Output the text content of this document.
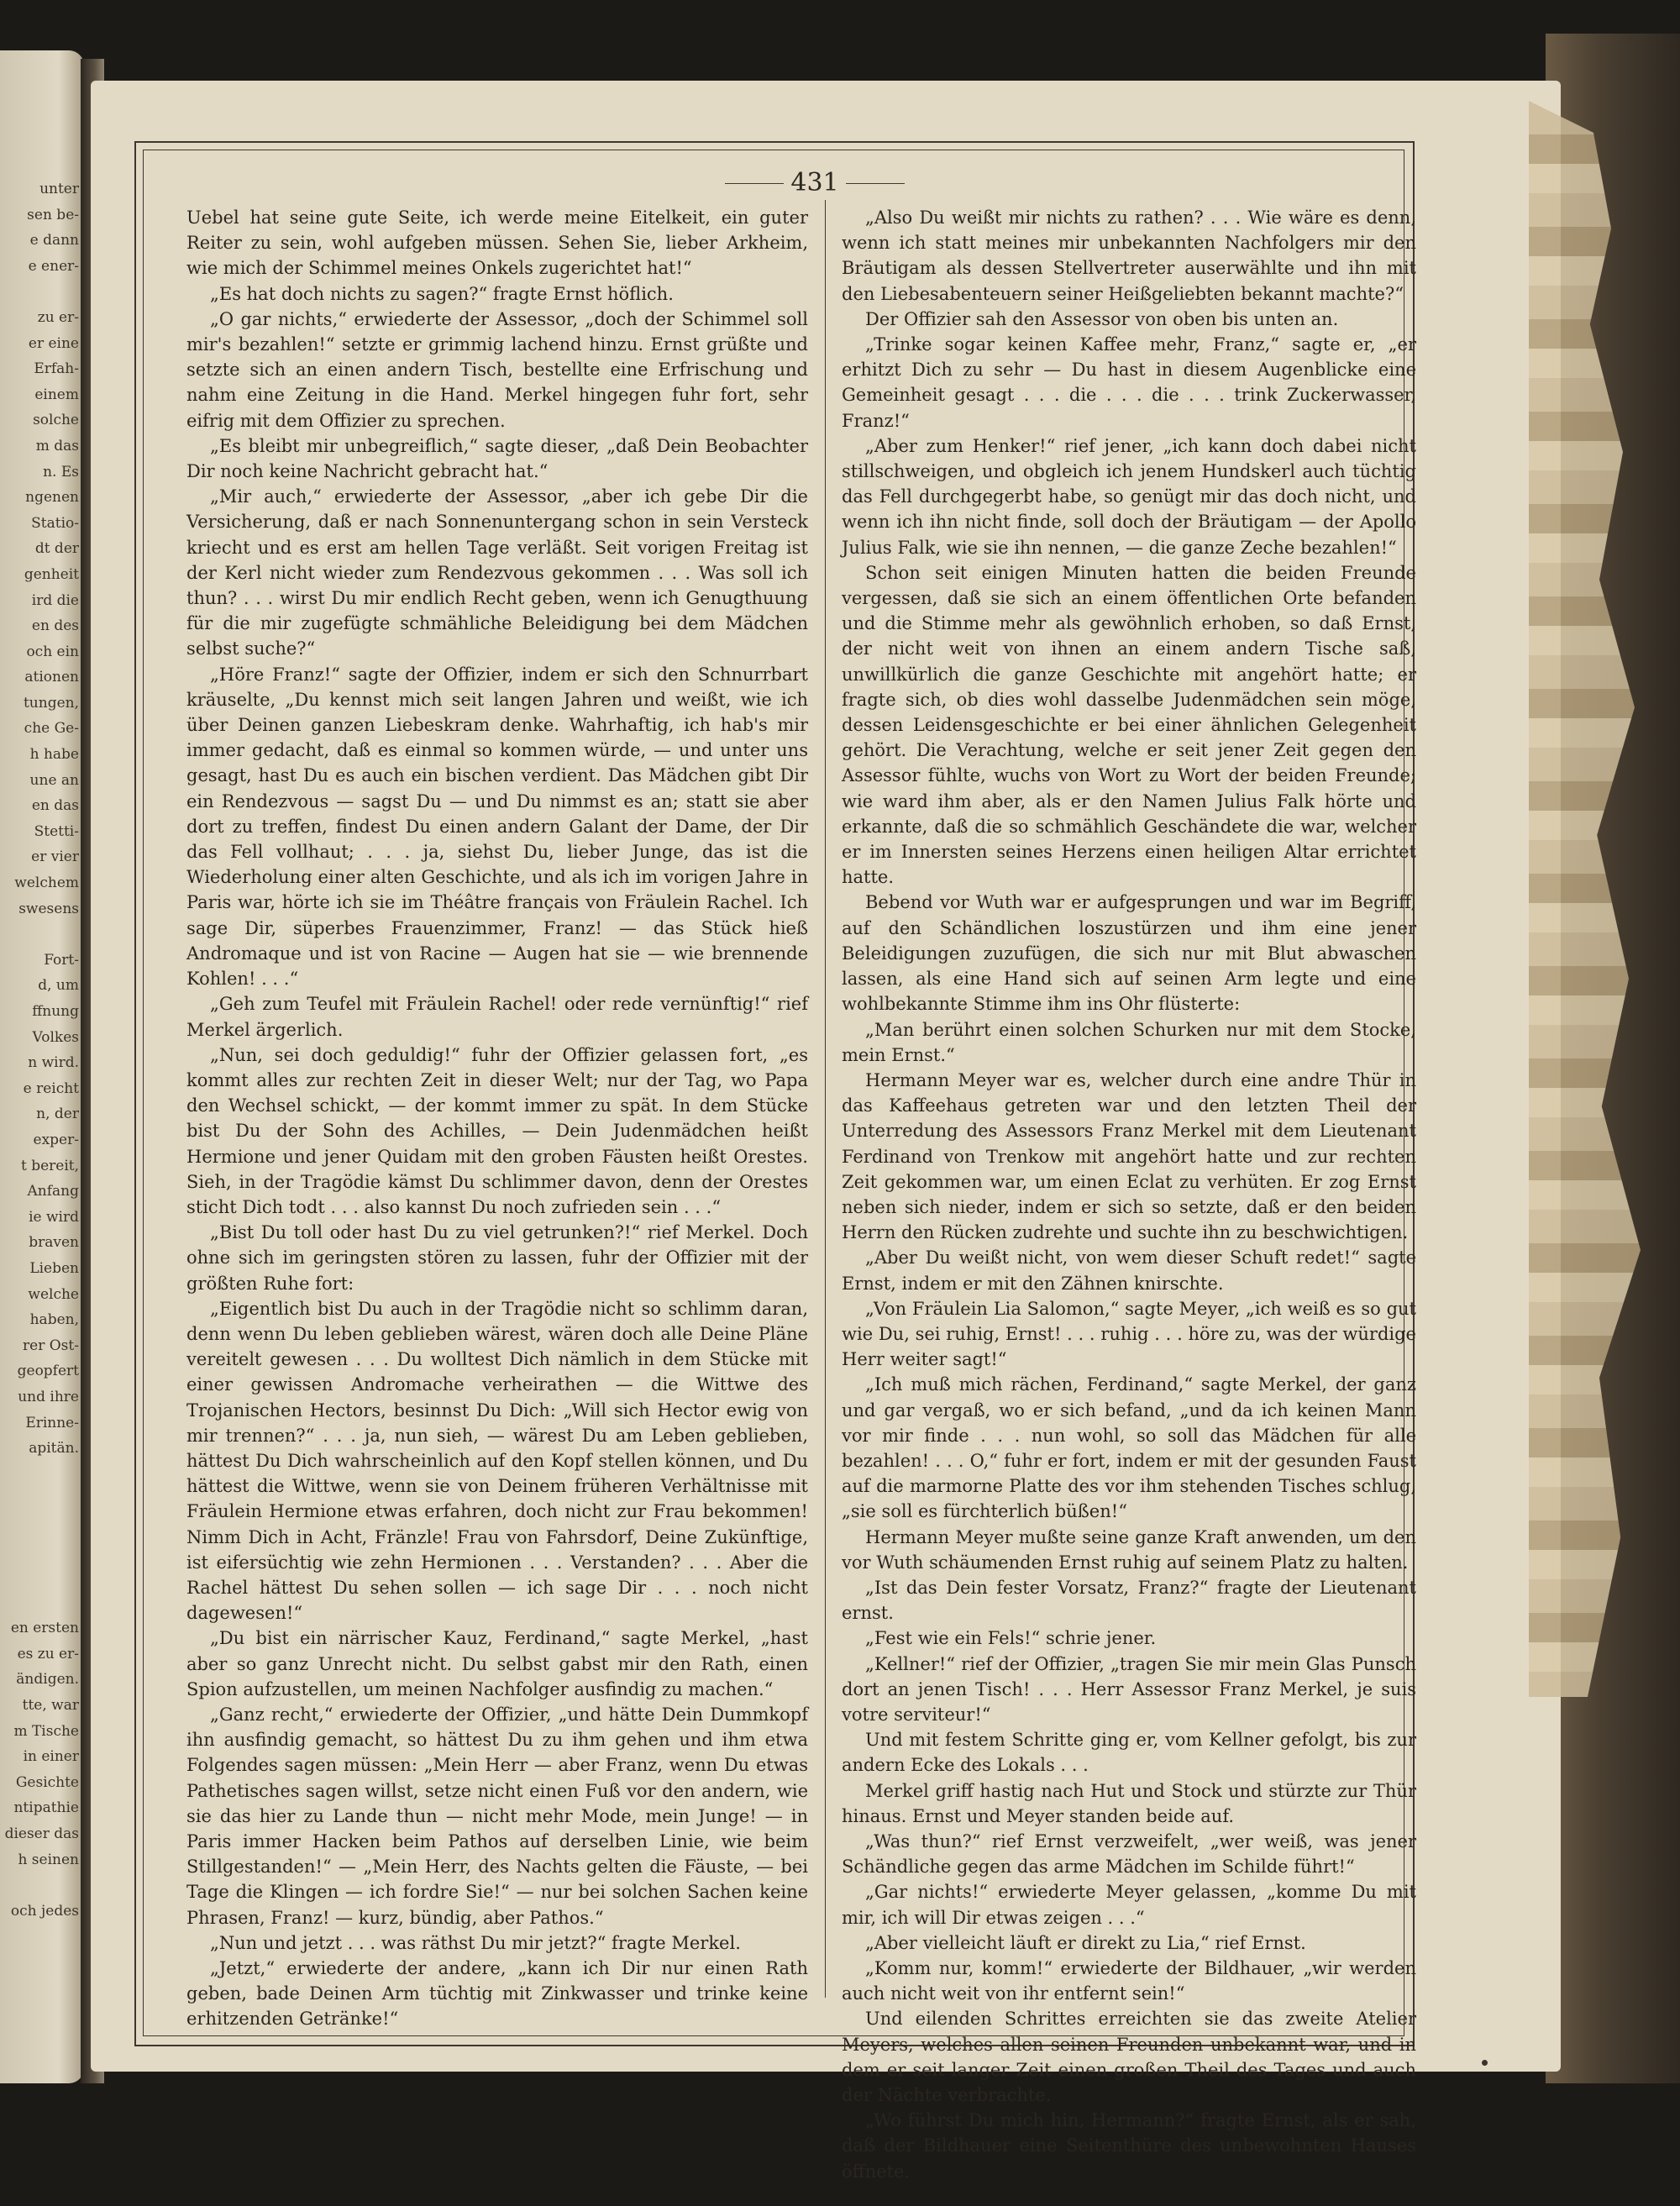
unter
sen be-
e dann
e ener-
zu er-
er eine
Erfah-
einem
solche
m das
n. Es
ngenen
Statio-
dt der
genheit
ird die
en des
och ein
ationen
tungen,
che Ge-
h habe
une an
en das
Stetti-
er vier
welchem
swesens
Fort-
d, um
ffnung
Volkes
n wird.
e reicht
n, der
exper-
t bereit,
Anfang
ie wird
braven
Lieben
welche
haben,
rer Ost-
geopfert
und ihre
Erinne-
apitän.
en ersten
es zu er-
ändigen.
tte, war
m Tische
in einer
Gesichte
ntipathie
dieser das
h seinen
och jedes
431

Uebel hat seine gute Seite, ich werde meine Eitelkeit, ein guter Reiter zu sein, wohl aufgeben müssen. Sehen Sie, lieber Arkheim, wie mich der Schimmel meines Onkels zugerichtet hat!“

„Es hat doch nichts zu sagen?“ fragte Ernst höflich.

„O gar nichts,“ erwiederte der Assessor, „doch der Schimmel soll mir's bezahlen!“ setzte er grimmig lachend hinzu. Ernst grüßte und setzte sich an einen andern Tisch, bestellte eine Erfrischung und nahm eine Zeitung in die Hand. Merkel hingegen fuhr fort, sehr eifrig mit dem Offizier zu sprechen.

„Es bleibt mir unbegreiflich,“ sagte dieser, „daß Dein Beobachter Dir noch keine Nachricht gebracht hat.“

„Mir auch,“ erwiederte der Assessor, „aber ich gebe Dir die Versicherung, daß er nach Sonnenuntergang schon in sein Versteck kriecht und es erst am hellen Tage verläßt. Seit vorigen Freitag ist der Kerl nicht wieder zum Rendezvous gekommen . . . Was soll ich thun? . . . wirst Du mir endlich Recht geben, wenn ich Genugthuung für die mir zugefügte schmähliche Beleidigung bei dem Mädchen selbst suche?“

„Höre Franz!“ sagte der Offizier, indem er sich den Schnurrbart kräuselte, „Du kennst mich seit langen Jahren und weißt, wie ich über Deinen ganzen Liebeskram denke. Wahrhaftig, ich hab's mir immer gedacht, daß es einmal so kommen würde, — und unter uns gesagt, hast Du es auch ein bischen verdient. Das Mädchen gibt Dir ein Rendezvous — sagst Du — und Du nimmst es an; statt sie aber dort zu treffen, findest Du einen andern Galant der Dame, der Dir das Fell vollhaut; . . . ja, siehst Du, lieber Junge, das ist die Wiederholung einer alten Geschichte, und als ich im vorigen Jahre in Paris war, hörte ich sie im Théâtre français von Fräulein Rachel. Ich sage Dir, süperbes Frauenzimmer, Franz! — das Stück hieß Andromaque und ist von Racine — Augen hat sie — wie brennende Kohlen! . . .“

„Geh zum Teufel mit Fräulein Rachel! oder rede vernünftig!“ rief Merkel ärgerlich.

„Nun, sei doch geduldig!“ fuhr der Offizier gelassen fort, „es kommt alles zur rechten Zeit in dieser Welt; nur der Tag, wo Papa den Wechsel schickt, — der kommt immer zu spät. In dem Stücke bist Du der Sohn des Achilles, — Dein Judenmädchen heißt Hermione und jener Quidam mit den groben Fäusten heißt Orestes. Sieh, in der Tragödie kämst Du schlimmer davon, denn der Orestes sticht Dich todt . . . also kannst Du noch zufrieden sein . . .“

„Bist Du toll oder hast Du zu viel getrunken?!“ rief Merkel. Doch ohne sich im geringsten stören zu lassen, fuhr der Offizier mit der größten Ruhe fort:

„Eigentlich bist Du auch in der Tragödie nicht so schlimm daran, denn wenn Du leben geblieben wärest, wären doch alle Deine Pläne vereitelt gewesen . . . Du wolltest Dich nämlich in dem Stücke mit einer gewissen Andromache verheirathen — die Wittwe des Trojanischen Hectors, besinnst Du Dich: „Will sich Hector ewig von mir trennen?“ . . . ja, nun sieh, — wärest Du am Leben geblieben, hättest Du Dich wahrscheinlich auf den Kopf stellen können, und Du hättest die Wittwe, wenn sie von Deinem früheren Verhältnisse mit Fräulein Hermione etwas erfahren, doch nicht zur Frau bekommen! Nimm Dich in Acht, Fränzle! Frau von Fahrsdorf, Deine Zukünftige, ist eifersüchtig wie zehn Hermionen . . . Verstanden? . . . Aber die Rachel hättest Du sehen sollen — ich sage Dir . . . noch nicht dagewesen!“

„Du bist ein närrischer Kauz, Ferdinand,“ sagte Merkel, „hast aber so ganz Unrecht nicht. Du selbst gabst mir den Rath, einen Spion aufzustellen, um meinen Nachfolger ausfindig zu machen.“

„Ganz recht,“ erwiederte der Offizier, „und hätte Dein Dummkopf ihn ausfindig gemacht, so hättest Du zu ihm gehen und ihm etwa Folgendes sagen müssen: „Mein Herr — aber Franz, wenn Du etwas Pathetisches sagen willst, setze nicht einen Fuß vor den andern, wie sie das hier zu Lande thun — nicht mehr Mode, mein Junge! — in Paris immer Hacken beim Pathos auf derselben Linie, wie beim Stillgestanden!“ — „Mein Herr, des Nachts gelten die Fäuste, — bei Tage die Klingen — ich fordre Sie!“ — nur bei solchen Sachen keine Phrasen, Franz! — kurz, bündig, aber Pathos.“

„Nun und jetzt . . . was räthst Du mir jetzt?“ fragte Merkel.

„Jetzt,“ erwiederte der andere, „kann ich Dir nur einen Rath geben, bade Deinen Arm tüchtig mit Zinkwasser und trinke keine erhitzenden Getränke!“

„Also Du weißt mir nichts zu rathen? . . . Wie wäre es denn, wenn ich statt meines mir unbekannten Nachfolgers mir den Bräutigam als dessen Stellvertreter auserwählte und ihn mit den Liebesabenteuern seiner Heißgeliebten bekannt machte?“

Der Offizier sah den Assessor von oben bis unten an.

„Trinke sogar keinen Kaffee mehr, Franz,“ sagte er, „er erhitzt Dich zu sehr — Du hast in diesem Augenblicke eine Gemeinheit gesagt . . . die . . . die . . . trink Zuckerwasser, Franz!“

„Aber zum Henker!“ rief jener, „ich kann doch dabei nicht stillschweigen, und obgleich ich jenem Hundskerl auch tüchtig das Fell durchgegerbt habe, so genügt mir das doch nicht, und wenn ich ihn nicht finde, soll doch der Bräutigam — der Apollo Julius Falk, wie sie ihn nennen, — die ganze Zeche bezahlen!“

Schon seit einigen Minuten hatten die beiden Freunde vergessen, daß sie sich an einem öffentlichen Orte befanden und die Stimme mehr als gewöhnlich erhoben, so daß Ernst, der nicht weit von ihnen an einem andern Tische saß, unwillkürlich die ganze Geschichte mit angehört hatte; er fragte sich, ob dies wohl dasselbe Judenmädchen sein möge, dessen Leidensgeschichte er bei einer ähnlichen Gelegenheit gehört. Die Verachtung, welche er seit jener Zeit gegen den Assessor fühlte, wuchs von Wort zu Wort der beiden Freunde; wie ward ihm aber, als er den Namen Julius Falk hörte und erkannte, daß die so schmählich Geschändete die war, welcher er im Innersten seines Herzens einen heiligen Altar errichtet hatte.

Bebend vor Wuth war er aufgesprungen und war im Begriff, auf den Schändlichen loszustürzen und ihm eine jener Beleidigungen zuzufügen, die sich nur mit Blut abwaschen lassen, als eine Hand sich auf seinen Arm legte und eine wohlbekannte Stimme ihm ins Ohr flüsterte:

„Man berührt einen solchen Schurken nur mit dem Stocke, mein Ernst.“

Hermann Meyer war es, welcher durch eine andre Thür in das Kaffeehaus getreten war und den letzten Theil der Unterredung des Assessors Franz Merkel mit dem Lieutenant Ferdinand von Trenkow mit angehört hatte und zur rechten Zeit gekommen war, um einen Eclat zu verhüten. Er zog Ernst neben sich nieder, indem er sich so setzte, daß er den beiden Herrn den Rücken zudrehte und suchte ihn zu beschwichtigen.

„Aber Du weißt nicht, von wem dieser Schuft redet!“ sagte Ernst, indem er mit den Zähnen knirschte.

„Von Fräulein Lia Salomon,“ sagte Meyer, „ich weiß es so gut wie Du, sei ruhig, Ernst! . . . ruhig . . . höre zu, was der würdige Herr weiter sagt!“

„Ich muß mich rächen, Ferdinand,“ sagte Merkel, der ganz und gar vergaß, wo er sich befand, „und da ich keinen Mann vor mir finde . . . nun wohl, so soll das Mädchen für alle bezahlen! . . . O,“ fuhr er fort, indem er mit der gesunden Faust auf die marmorne Platte des vor ihm stehenden Tisches schlug, „sie soll es fürchterlich büßen!“

Hermann Meyer mußte seine ganze Kraft anwenden, um den vor Wuth schäumenden Ernst ruhig auf seinem Platz zu halten.

„Ist das Dein fester Vorsatz, Franz?“ fragte der Lieutenant ernst.

„Fest wie ein Fels!“ schrie jener.

„Kellner!“ rief der Offizier, „tragen Sie mir mein Glas Punsch dort an jenen Tisch! . . . Herr Assessor Franz Merkel, je suis votre serviteur!“

Und mit festem Schritte ging er, vom Kellner gefolgt, bis zur andern Ecke des Lokals . . .

Merkel griff hastig nach Hut und Stock und stürzte zur Thür hinaus. Ernst und Meyer standen beide auf.

„Was thun?“ rief Ernst verzweifelt, „wer weiß, was jener Schändliche gegen das arme Mädchen im Schilde führt!“

„Gar nichts!“ erwiederte Meyer gelassen, „komme Du mit mir, ich will Dir etwas zeigen . . .“

„Aber vielleicht läuft er direkt zu Lia,“ rief Ernst.

„Komm nur, komm!“ erwiederte der Bildhauer, „wir werden auch nicht weit von ihr entfernt sein!“

Und eilenden Schrittes erreichten sie das zweite Atelier Meyers, welches allen seinen Freunden unbekannt war, und in dem er seit langer Zeit einen großen Theil des Tages und auch der Nächte verbrachte.

„Wo führst Du mich hin, Hermann?“ fragte Ernst, als er sah, daß der Bildhauer eine Seitenthüre des unbewohnten Hauses öffnete.
